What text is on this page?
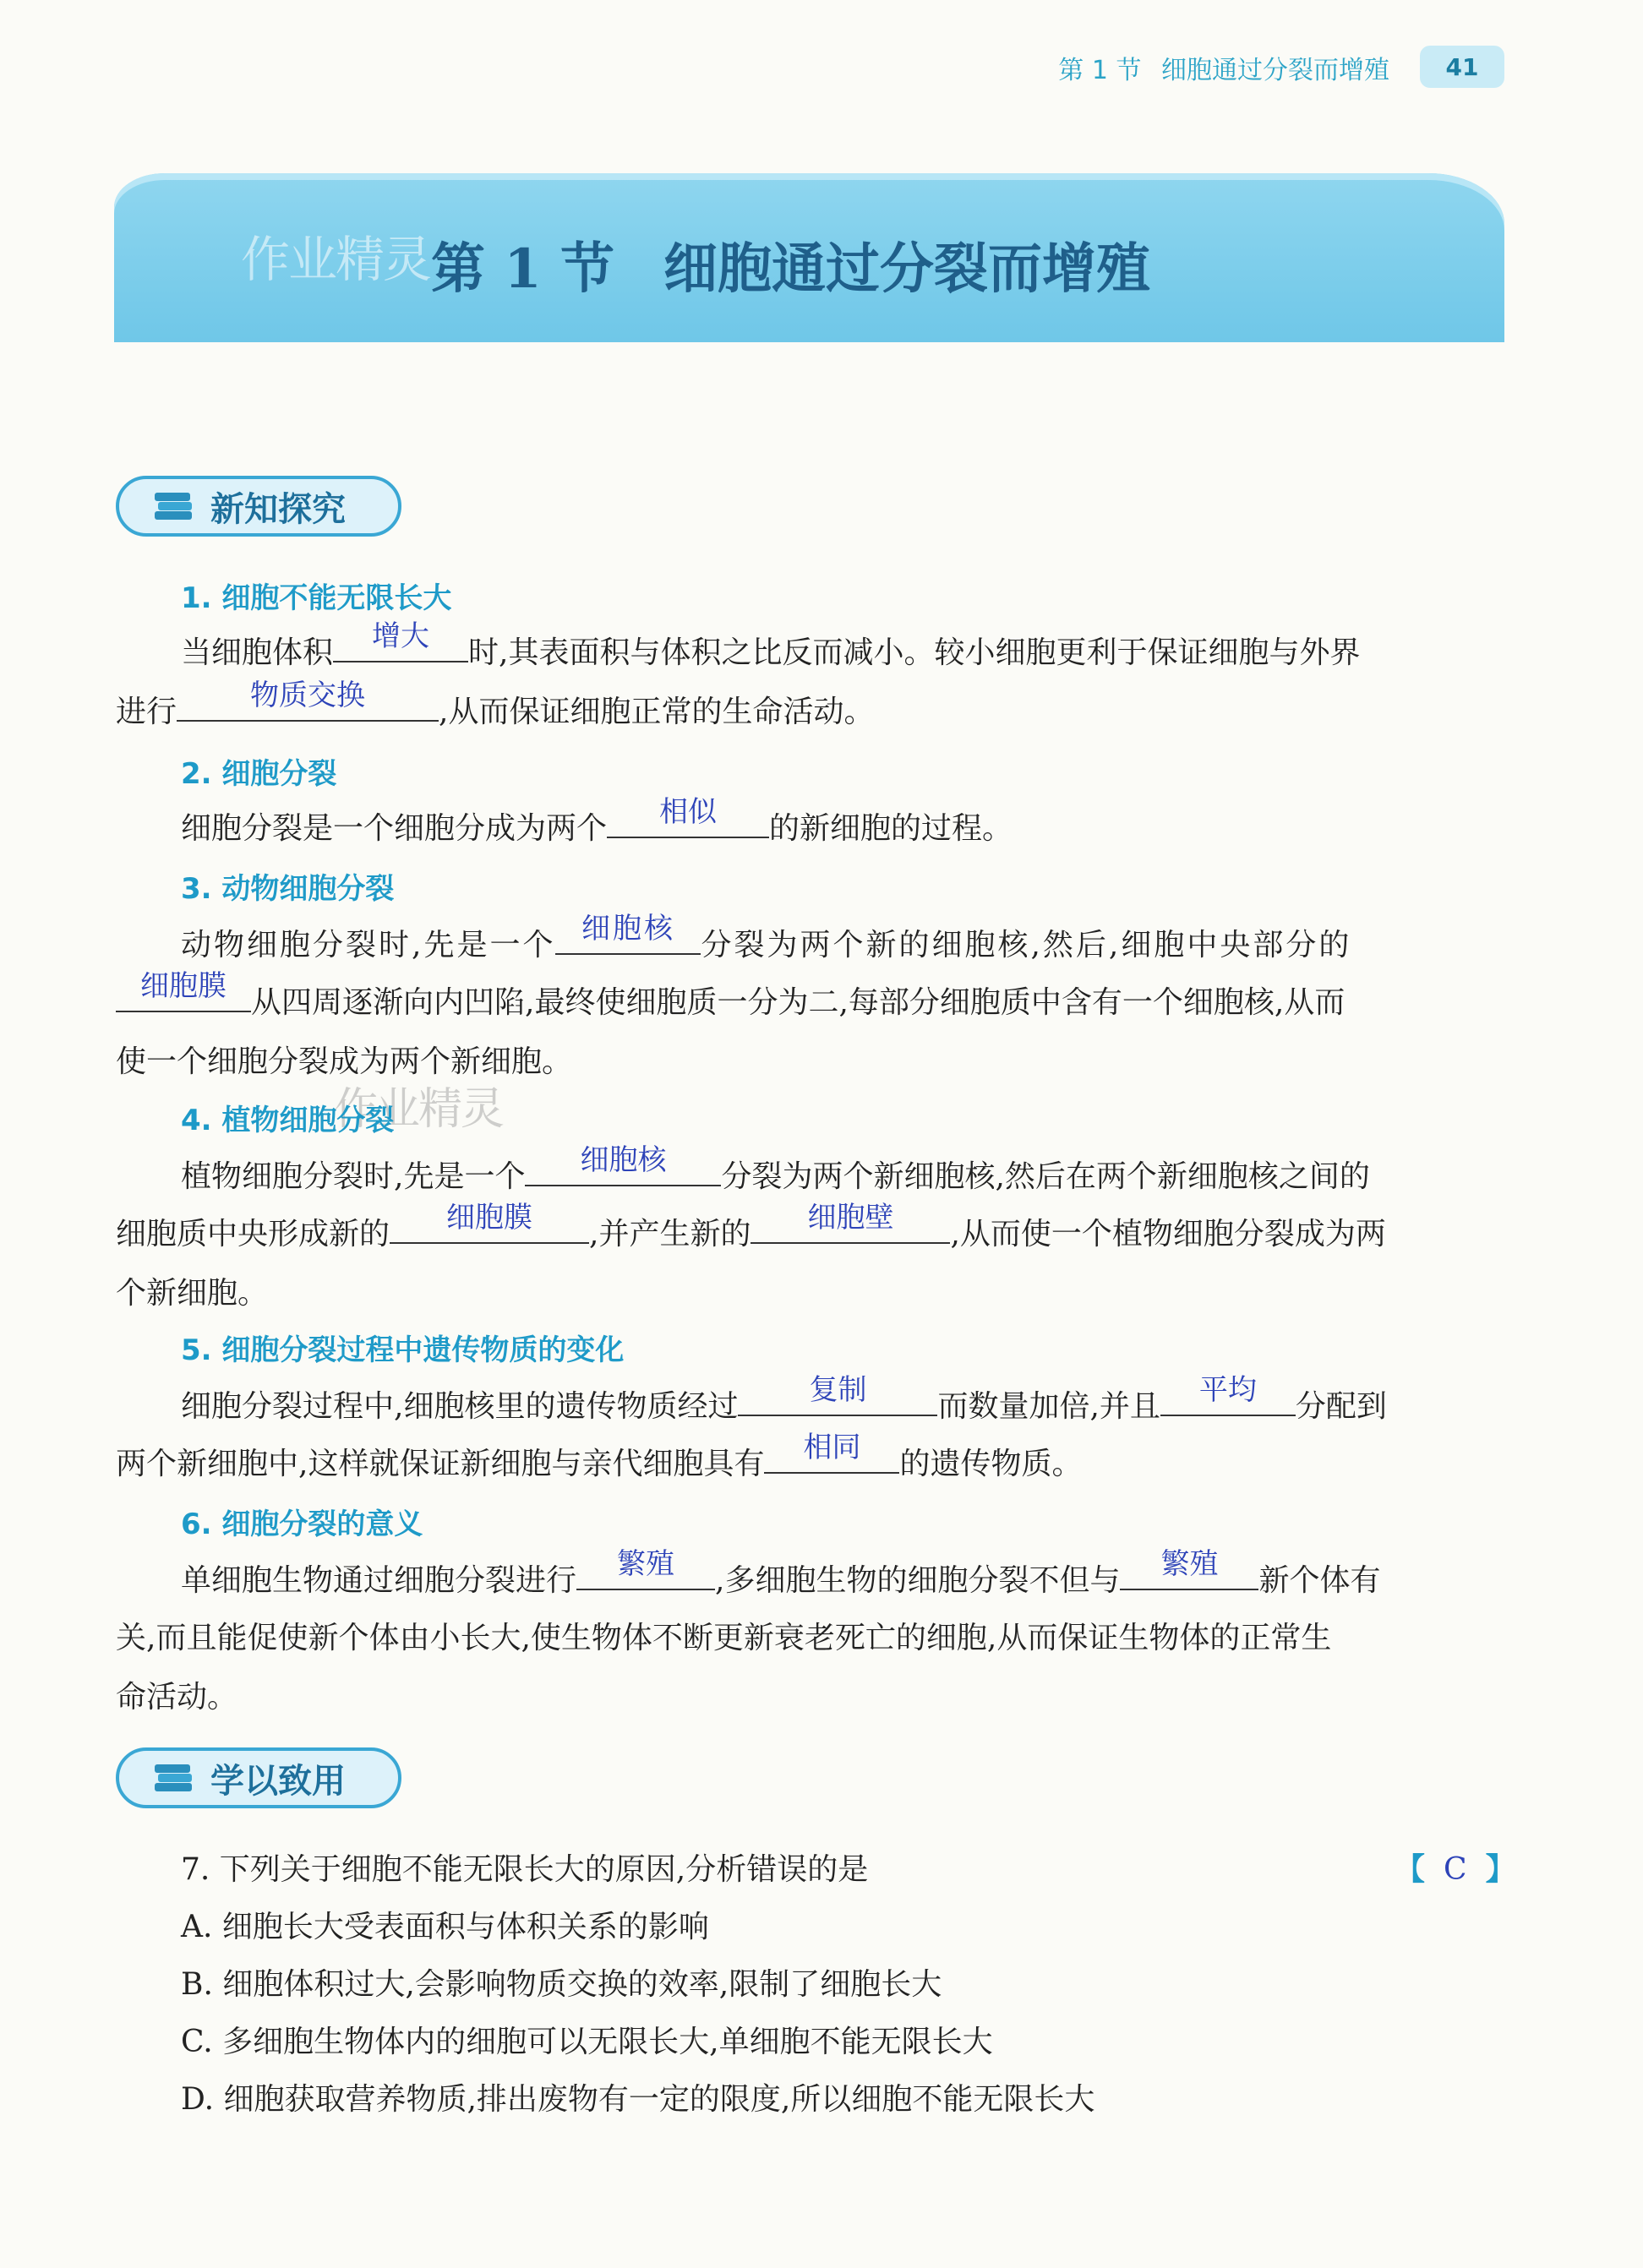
第 1 节 细胞通过分裂而增殖	41
作业精灵 第 1 节 细胞通过分裂而增殖
新知探究
1. 细胞不能无限长大
当细胞体积	增大	时,其表面积与体积之比反而减小。较小细胞更利于保证细胞与外界
进行	物质交换	,从而保证细胞正常的生命活动。
2. 细胞分裂
细胞分裂是一个细胞分成为两个	相似	的新细胞的过程。
3. 动物细胞分裂
动物细胞分裂时,先是一个 细胞核 分裂为两个新的细胞核,然后,细胞中央部分的
细胞膜 从四周逐渐向内凹陷,最终使细胞质一分为二,每部分细胞质中含有一个细胞核,从而
使一个细胞分裂成为两个新细胞。
作业精灵
4. 植物细胞分裂
植物细胞分裂时,先是一个	细胞核	分裂为两个新细胞核,然后在两个新细胞核之间的
细胞质中央形成新的	细胞膜	,并产生新的	细胞壁	,从而使一个植物细胞分裂成为两
个新细胞。
5. 细胞分裂过程中遗传物质的变化
细胞分裂过程中,细胞核里的遗传物质经过	复制	而数量加倍,并且	平均	分配到
两个新细胞中,这样就保证新细胞与亲代细胞具有	相同	的遗传物质。
6. 细胞分裂的意义
单细胞生物通过细胞分裂进行	繁殖	,多细胞生物的细胞分裂不但与	繁殖	新个体有
关,而且能促使新个体由小长大,使生物体不断更新衰老死亡的细胞,从而保证生物体的正常生
命活动。
学以致用
7. 下列关于细胞不能无限长大的原因,分析错误的是	【 C 】
A. 细胞长大受表面积与体积关系的影响
B. 细胞体积过大,会影响物质交换的效率,限制了细胞长大
C. 多细胞生物体内的细胞可以无限长大,单细胞不能无限长大
D. 细胞获取营养物质,排出废物有一定的限度,所以细胞不能无限长大
